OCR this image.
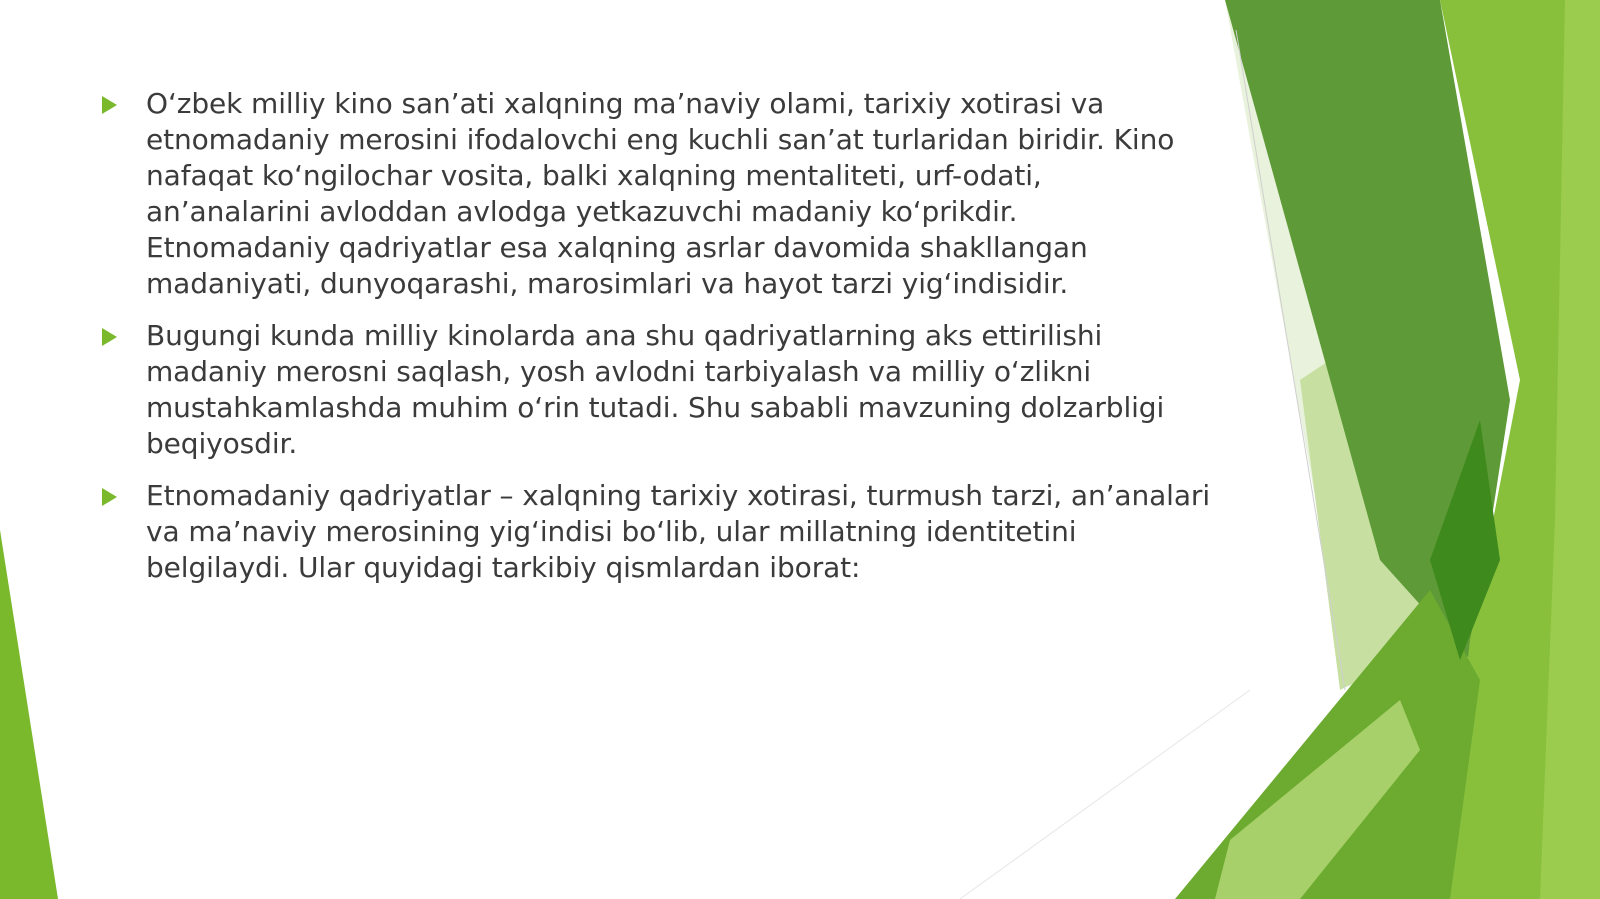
O‘zbek milliy kino san’ati xalqning ma’naviy olami, tarixiy xotirasi va etnomadaniy merosini ifodalovchi eng kuchli san’at turlaridan biridir. Kino nafaqat ko‘ngilochar vosita, balki xalqning mentaliteti, urf-odati, an’analarini avloddan avlodga yetkazuvchi madaniy ko‘prikdir. Etnomadaniy qadriyatlar esa xalqning asrlar davomida shakllangan madaniyati, dunyoqarashi, marosimlari va hayot tarzi yig‘indisidir.
Bugungi kunda milliy kinolarda ana shu qadriyatlarning aks ettirilishi madaniy merosni saqlash, yosh avlodni tarbiyalash va milliy o‘zlikni mustahkamlashda muhim o‘rin tutadi. Shu sababli mavzuning dolzarbligi beqiyosdir.
Etnomadaniy qadriyatlar – xalqning tarixiy xotirasi, turmush tarzi, an’analari va ma’naviy merosining yig‘indisi bo‘lib, ular millatning identitetini belgilaydi. Ular quyidagi tarkibiy qismlardan iborat:
